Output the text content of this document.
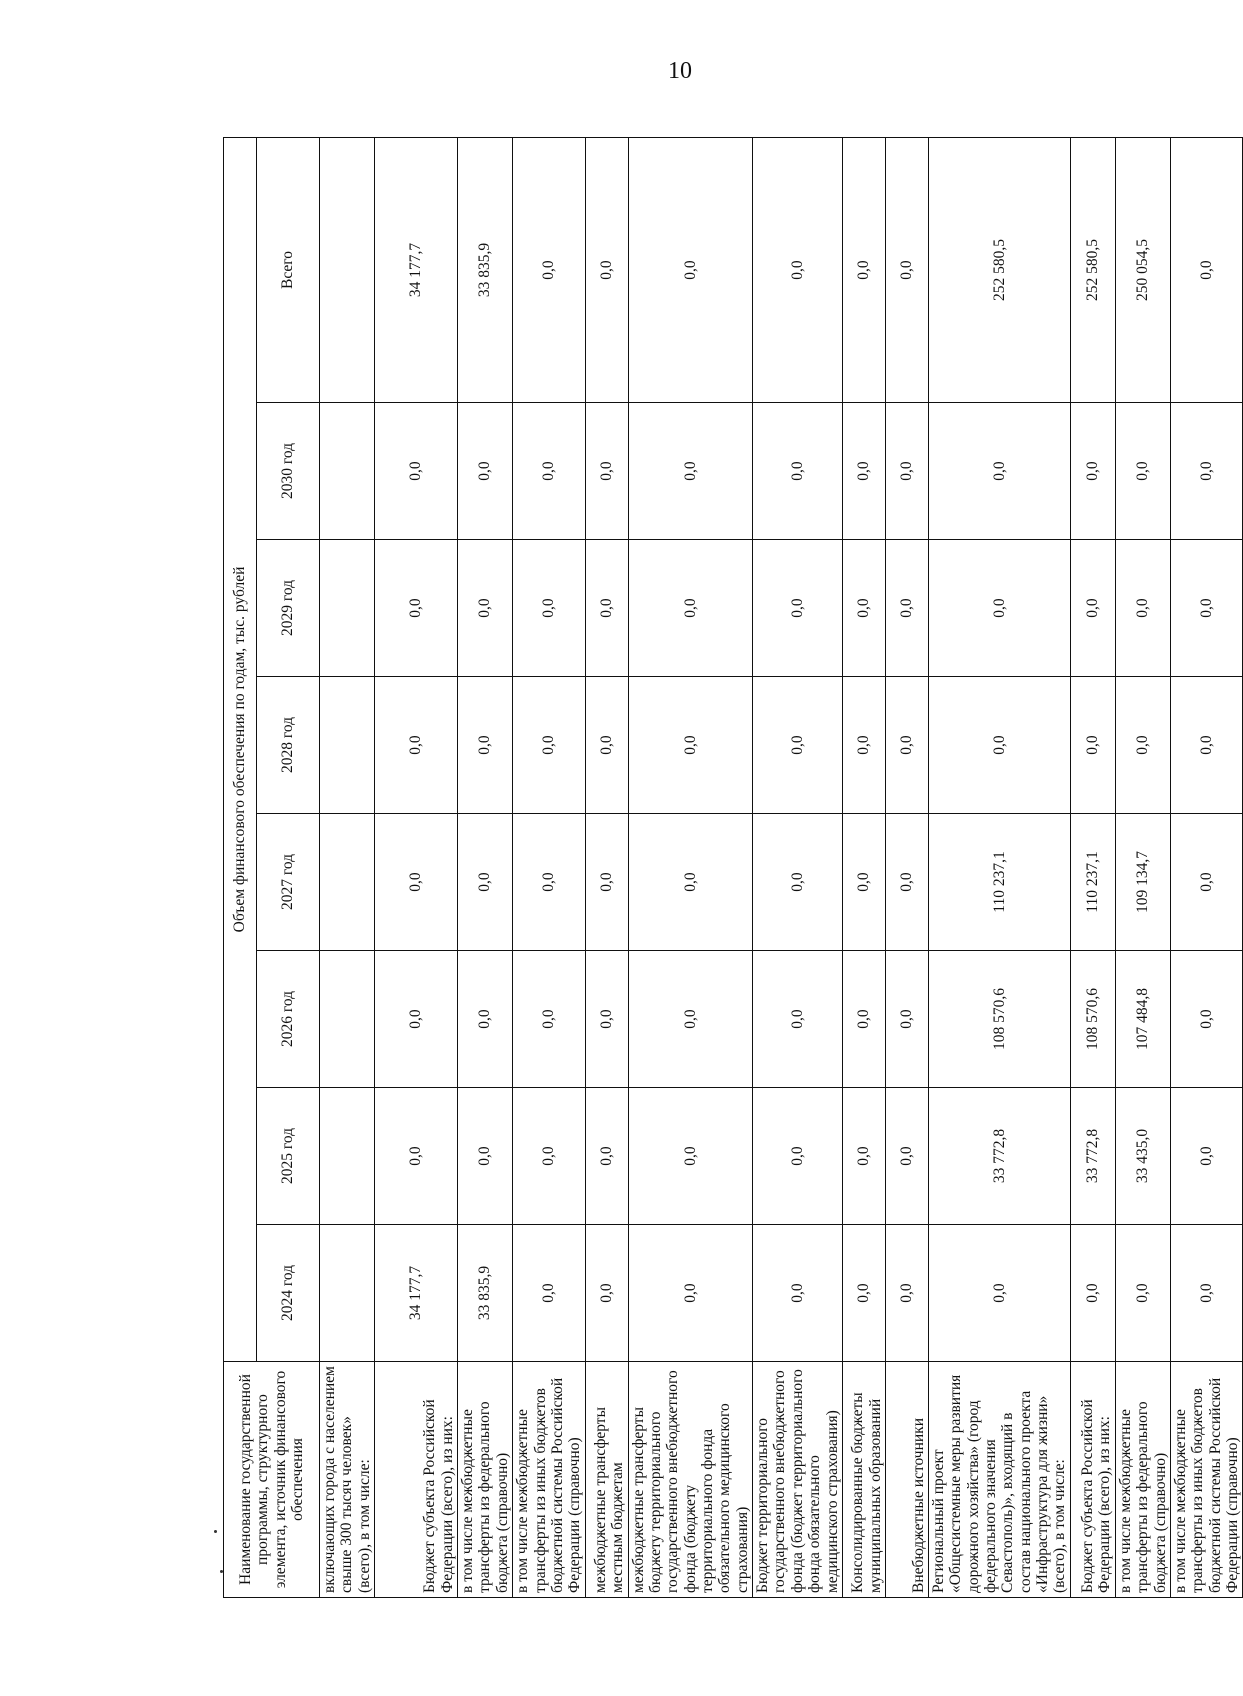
10
Наименование государственной программы, структурного элемента, источник финансового обеспечения	Объем финансового обеспечения по годам, тыс. рублей							
	2024 год	2025 год	2026 год	2027 год	2028 год	2029 год	2030 год	Всего
включающих города с населением свыше 300 тысяч человек» (всего), в том числе:								
Бюджет субъекта Российской Федерации (всего), из них:	34 177,7	0,0	0,0	0,0	0,0	0,0	0,0	34 177,7
в том числе межбюджетные трансферты из федерального бюджета (справочно)	33 835,9	0,0	0,0	0,0	0,0	0,0	0,0	33 835,9
в том числе межбюджетные трансферты из иных бюджетов бюджетной системы Российской Федерации (справочно)	0,0	0,0	0,0	0,0	0,0	0,0	0,0	0,0
межбюджетные трансферты местным бюджетам	0,0	0,0	0,0	0,0	0,0	0,0	0,0	0,0
межбюджетные трансферты бюджету территориального государственного внебюджетного фонда (бюджету территориального фонда обязательного медицинского страхования)	0,0	0,0	0,0	0,0	0,0	0,0	0,0	0,0
Бюджет территориального государственного внебюджетного фонда (бюджет территориального фонда обязательного медицинского страхования)	0,0	0,0	0,0	0,0	0,0	0,0	0,0	0,0
Консолидированные бюджеты муниципальных образований	0,0	0,0	0,0	0,0	0,0	0,0	0,0	0,0
Внебюджетные источники	0,0	0,0	0,0	0,0	0,0	0,0	0,0	0,0
Региональный проект «Общесистемные меры развития дорожного хозяйства» (город федерального значения Севастополь)», входящий в состав национального проекта «Инфраструктура для жизни» (всего), в том числе:	0,0	33 772,8	108 570,6	110 237,1	0,0	0,0	0,0	252 580,5
Бюджет субъекта Российской Федерации (всего), из них:	0,0	33 772,8	108 570,6	110 237,1	0,0	0,0	0,0	252 580,5
в том числе межбюджетные трансферты из федерального бюджета (справочно)	0,0	33 435,0	107 484,8	109 134,7	0,0	0,0	0,0	250 054,5
в том числе межбюджетные трансферты из иных бюджетов бюджетной системы Российской Федерации (справочно)	0,0	0,0	0,0	0,0	0,0	0,0	0,0	0,0
